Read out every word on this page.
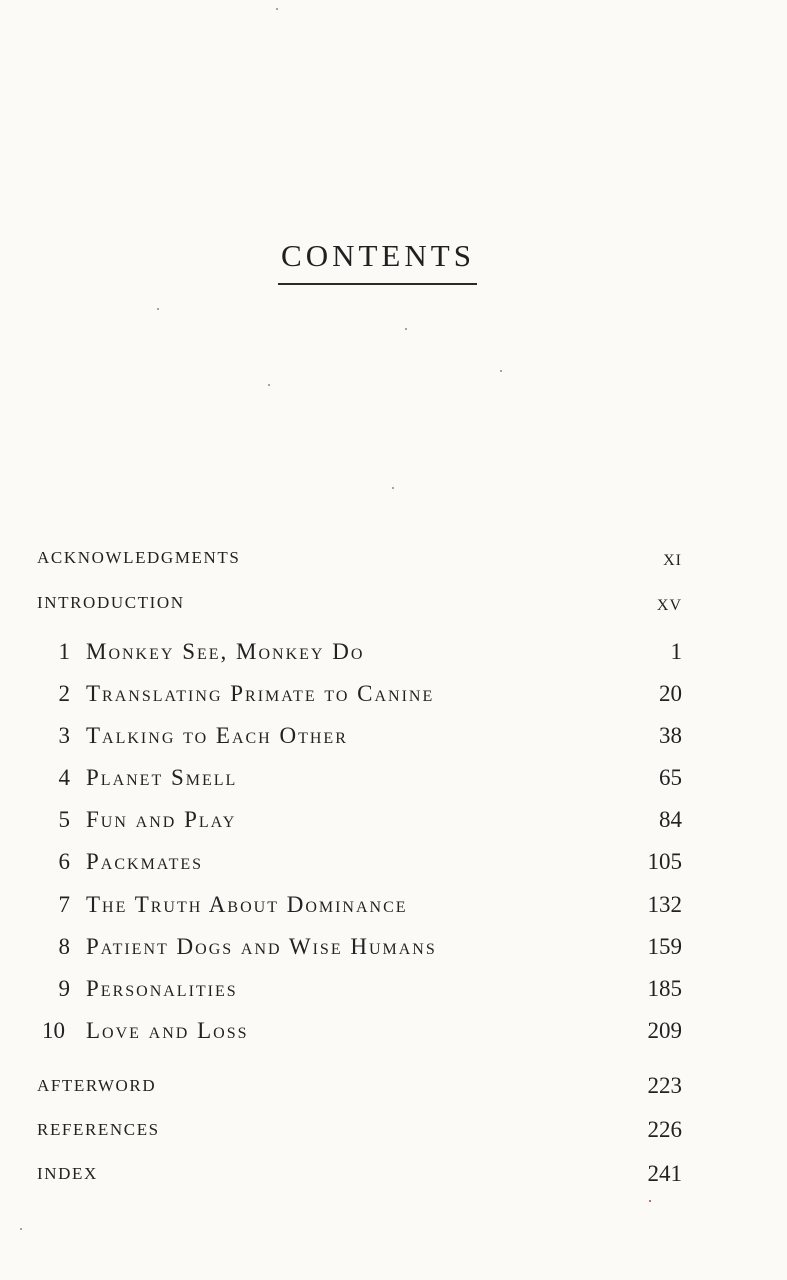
CONTENTS
ACKNOWLEDGMENTS	XI
INTRODUCTION	XV
1 Monkey See, Monkey Do	1
2 Translating Primate to Canine	20
3 Talking to Each Other	38
4 Planet Smell	65
5 Fun and Play	84
6 Packmates	105
7 The Truth About Dominance	132
8 Patient Dogs and Wise Humans	159
9 Personalities	185
10 Love and Loss	209
AFTERWORD	223
REFERENCES	226
INDEX	241
